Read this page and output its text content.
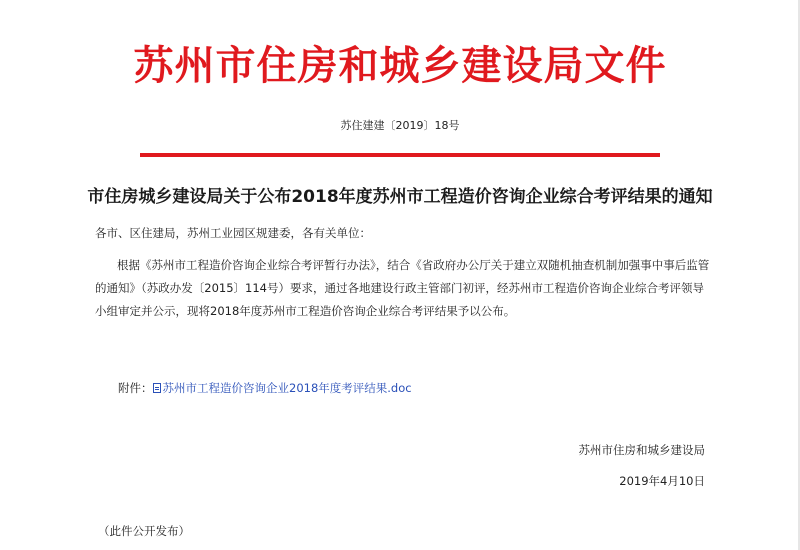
苏州市住房和城乡建设局文件
苏住建建〔2019〕18号
市住房城乡建设局关于公布2018年度苏州市工程造价咨询企业综合考评结果的通知
各市、区住建局，苏州工业园区规建委，各有关单位：
根据《苏州市工程造价咨询企业综合考评暂行办法》，结合《省政府办公厅关于建立双随机抽查机制加强事中事后监管的通知》（苏政办发〔2015〕114号）要求，通过各地建设行政主管部门初评，经苏州市工程造价咨询企业综合考评领导小组审定并公示，现将2018年度苏州市工程造价咨询企业综合考评结果予以公布。
附件： 苏州市工程造价咨询企业2018年度考评结果.doc
苏州市住房和城乡建设局
2019年4月10日
（此件公开发布）
